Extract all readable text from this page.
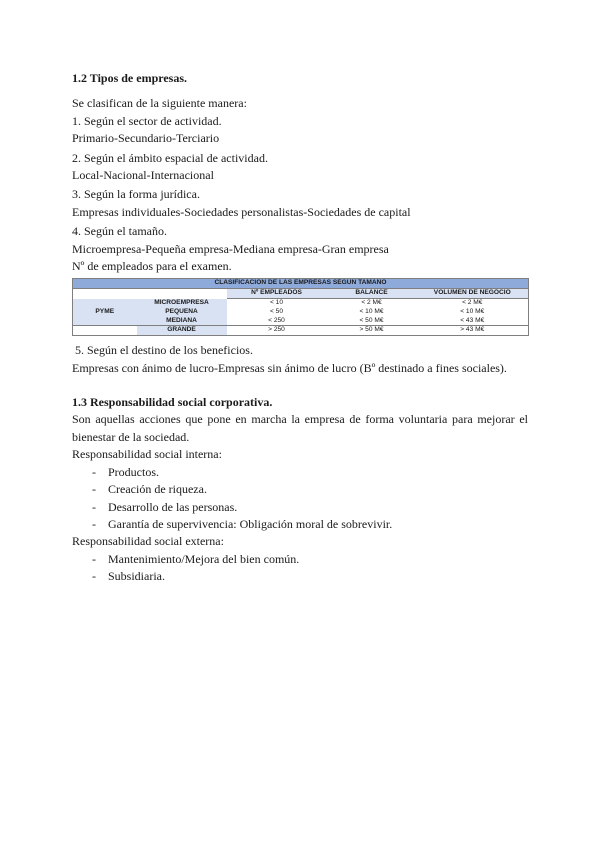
1.2 Tipos de empresas.

Se clasifican de la siguiente manera:

1. Según el sector de actividad.

Primario-Secundario-Terciario

2. Según el ámbito espacial de actividad.

Local-Nacional-Internacional

3. Según la forma jurídica.

Empresas individuales-Sociedades personalistas-Sociedades de capital

4. Según el tamaño.

Microempresa-Pequeña empresa-Mediana empresa-Gran empresa

Nº de empleados para el examen.

CLASIFICACIÓN DE LAS EMPRESAS SEGÚN TAMAÑO				
		Nº EMPLEADOS	BALANCE	VOLUMEN DE NEGOCIO
PYME	MICROEMPRESA	< 10	< 2 M€	< 2 M€
	PEQUEÑA	< 50	< 10 M€	< 10 M€
	MEDIANA	< 250	< 50 M€	< 43 M€
	GRANDE	> 250	> 50 M€	> 43 M€

5. Según el destino de los beneficios.

Empresas con ánimo de lucro-Empresas sin ánimo de lucro (Bº destinado a fines sociales).

1.3 Responsabilidad social corporativa.

Son aquellas acciones que pone en marcha la empresa de forma voluntaria para mejorar el bienestar de la sociedad.

Responsabilidad social interna:

- Productos.
- Creación de riqueza.
- Desarrollo de las personas.
- Garantía de supervivencia: Obligación moral de sobrevivir.

Responsabilidad social externa:

- Mantenimiento/Mejora del bien común.
- Subsidiaria.
